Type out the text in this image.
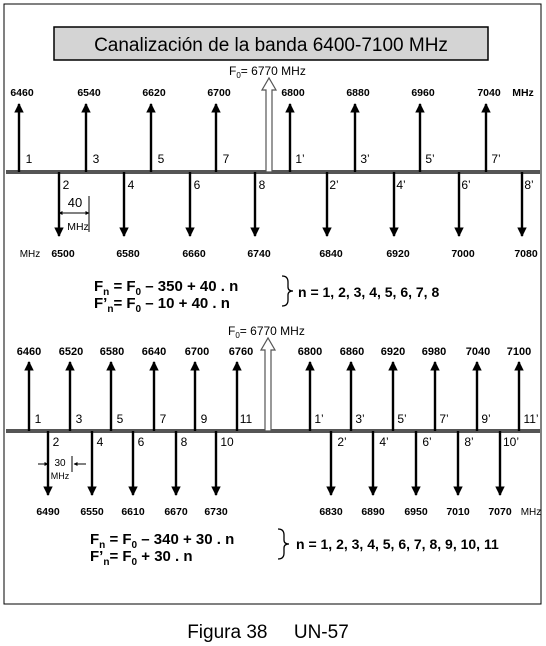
Canalización de la banda 6400-7100 MHz
6460
1
6540
3
6620
5
6700
7
6800
1’
6880
3’
6960
5’
7040
7’
2
6500
4
6580
6
6660
8
6740
2’
6840
4’
6920
6’
7000
8’
7080
MHz
MHz
$F_0= 6770$ MHz
40
MHz
$F_n = F_0 - 350 + 40$ . n
$F’_n= F_0 - 10 + 40$ . n
n = 1, 2, 3, 4, 5, 6, 7, 8
6460
1
6520
3
6580
5
6640
7
6700
9
6760
11
6800
1’
6860
3’
6920
5’
6980
7’
7040
9’
7100
11’
2
6490
4
6550
6
6610
8
6670
10
6730
2’
6830
4’
6890
6’
6950
8’
7010
10’
7070 MHz
$F_0= 6770$ MHz
30
MHz
$F_n = F_0 - 340 + 30$ . n
$F’_n= F_0 + 30$ . n
n = 1, 2, 3, 4, 5, 6, 7, 8, 9, 10, 11
Figura 38     UN-57
